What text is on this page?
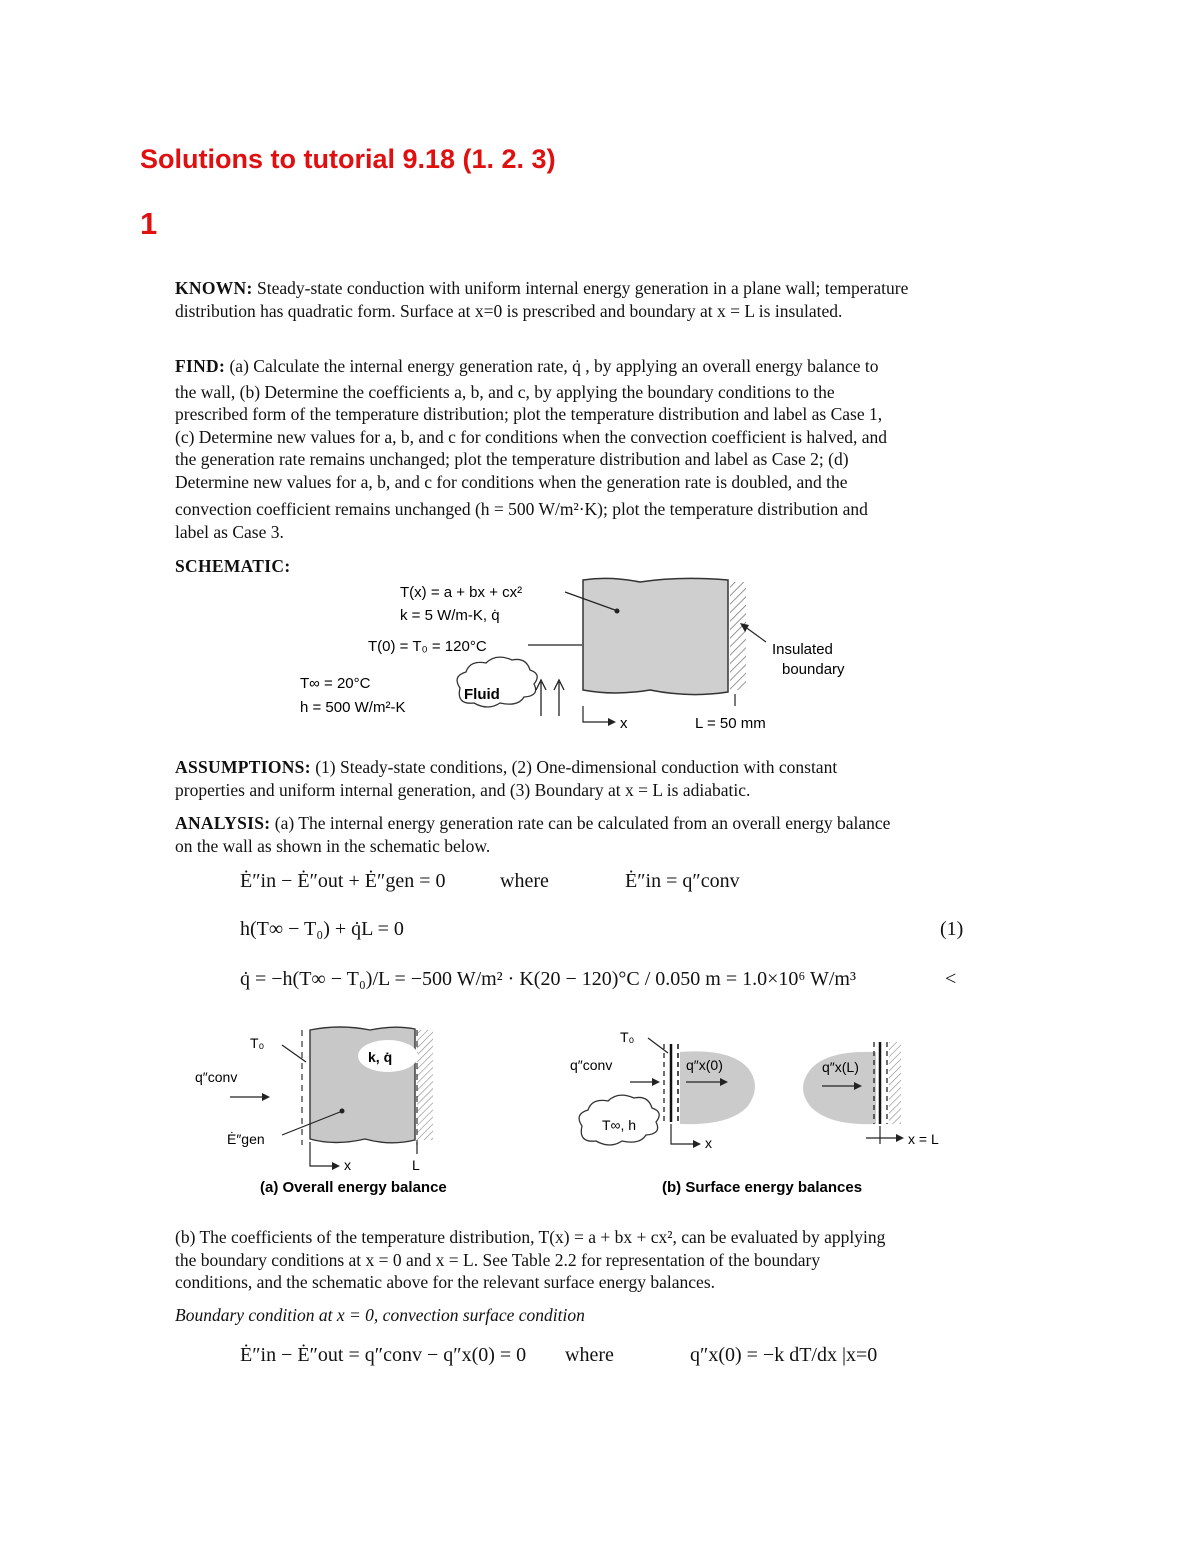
Solutions to tutorial 9.18 (1. 2. 3)
1
KNOWN: Steady-state conduction with uniform internal energy generation in a plane wall; temperature distribution has quadratic form. Surface at x=0 is prescribed and boundary at x = L is insulated.
FIND: (a) Calculate the internal energy generation rate, q̇ , by applying an overall energy balance to
the wall, (b) Determine the coefficients a, b, and c, by applying the boundary conditions to the
prescribed form of the temperature distribution; plot the temperature distribution and label as Case 1,
(c) Determine new values for a, b, and c for conditions when the convection coefficient is halved, and
the generation rate remains unchanged; plot the temperature distribution and label as Case 2; (d)
Determine new values for a, b, and c for conditions when the generation rate is doubled, and the
convection coefficient remains unchanged (h = 500 W/m²·K); plot the temperature distribution and
label as Case 3.
SCHEMATIC:
T(x) = a + bx + cx²
k = 5 W/m-K, q̇
T(0) = T₀ = 120°C	Insulated
boundary
T∞ = 20°C
h = 500 W/m²-K
Fluid
x	L = 50 mm
ASSUMPTIONS: (1) Steady-state conditions, (2) One-dimensional conduction with constant
properties and uniform internal generation, and (3) Boundary at x = L is adiabatic.
ANALYSIS: (a) The internal energy generation rate can be calculated from an overall energy balance
on the wall as shown in the schematic below.
Ė″in − Ė″out + Ė″gen = 0	where	Ė″in = q″conv
h(T∞ − T₀) + q̇L = 0	(1)
q̇ = −h(T∞ − T₀)/L = −500 W/m² · K(20 − 120)°C / 0.050 m = 1.0×10⁶ W/m³	<
k, q̇
T₀
q″conv
Ė″gen
x	L
(a) Overall energy balance
T₀
q″conv	q″x(0)
T∞, h
x
q″x(L)
x = L
(b) Surface energy balances
(b) The coefficients of the temperature distribution, T(x) = a + bx + cx², can be evaluated by applying
the boundary conditions at x = 0 and x = L. See Table 2.2 for representation of the boundary
conditions, and the schematic above for the relevant surface energy balances.
Boundary condition at x = 0, convection surface condition
Ė″in − Ė″out = q″conv − q″x(0) = 0 where	q″x(0) = −k dT/dx |x=0
